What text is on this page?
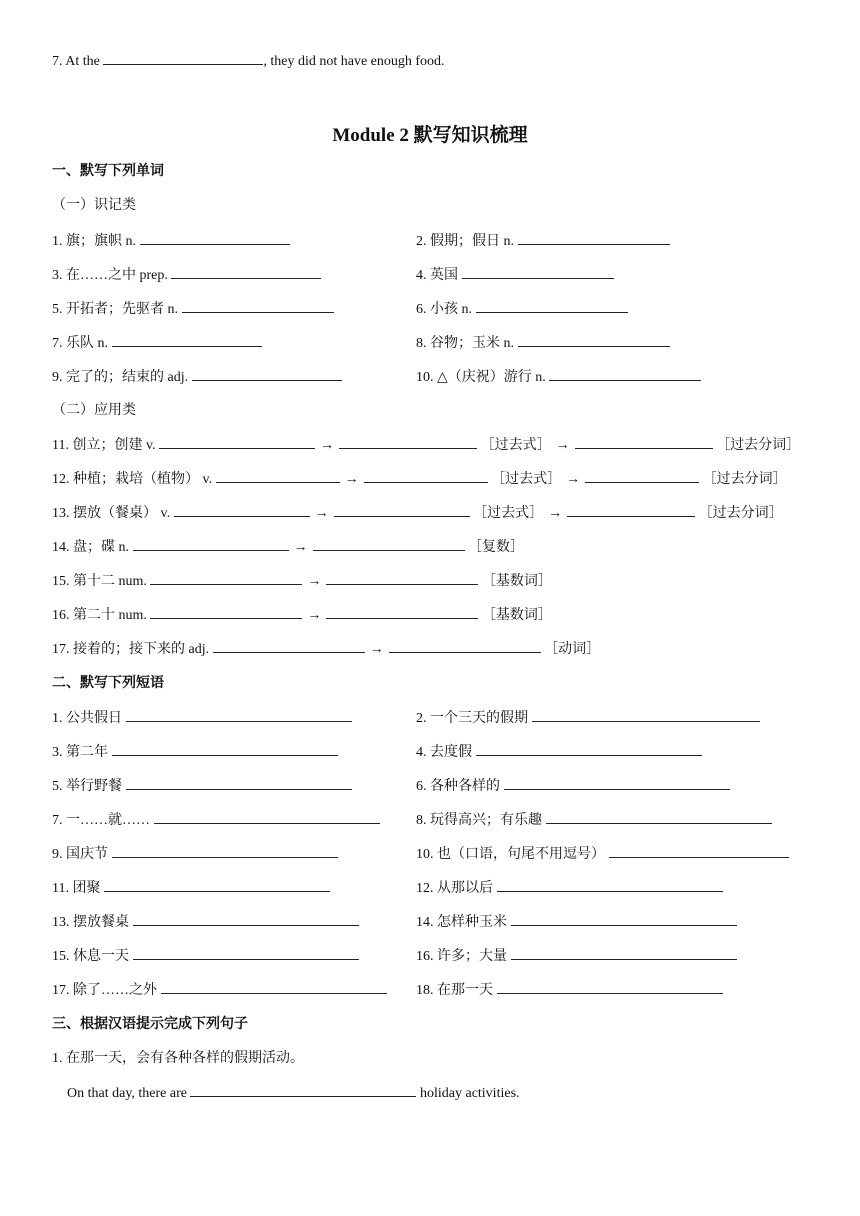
7. At the	, they did not have enough food.
Module 2 默写知识梳理
一、默写下列单词
（一）识记类
1. 旗；旗帜 n.	2. 假期；假日 n.
3. 在……之中 prep.	4. 英国
5. 开拓者；先驱者 n.	6. 小孩 n.
7. 乐队 n.	8. 谷物；玉米 n.
9. 完了的；结束的 adj.	10. △（庆祝）游行 n.
（二）应用类
11. 创立；创建 v.	→	［过去式］ →	［过去分词］
12. 种植；栽培（植物） v.	→	［过去式］ →	［过去分词］
13. 摆放（餐桌） v.	→	［过去式］ →	［过去分词］
14. 盘；碟 n.	→	［复数］
15. 第十二 num.	→	［基数词］
16. 第二十 num.	→	［基数词］
17. 接着的；接下来的 adj.	→	［动词］
二、默写下列短语
1. 公共假日	2. 一个三天的假期
3. 第二年	4. 去度假
5. 举行野餐	6. 各种各样的
7. 一……就……	8. 玩得高兴；有乐趣
9. 国庆节	10. 也（口语，句尾不用逗号）
11. 团聚	12. 从那以后
13. 摆放餐桌	14. 怎样种玉米
15. 休息一天	16. 许多；大量
17. 除了……之外	18. 在那一天
三、根据汉语提示完成下列句子
1. 在那一天，会有各种各样的假期活动。
On that day, there are	holiday activities.
